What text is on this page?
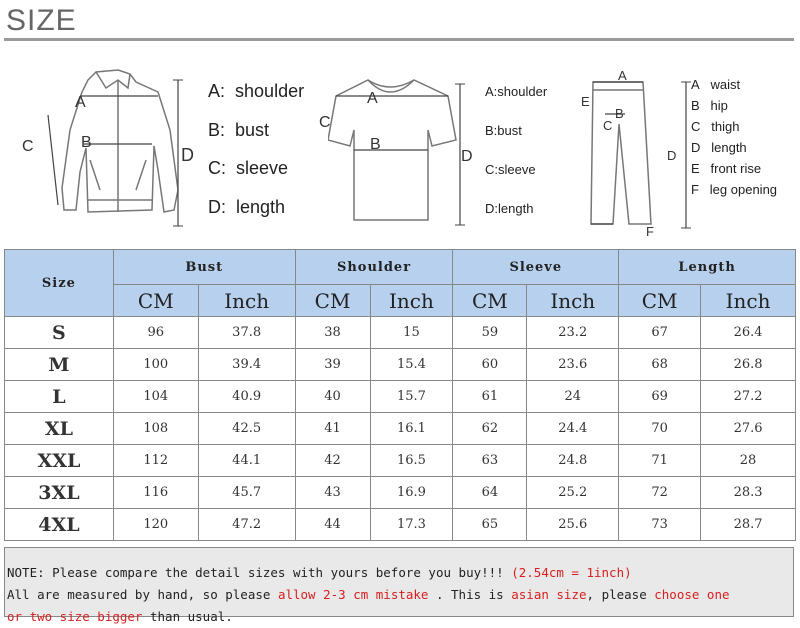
SIZE
A
B
C	D
A: shoulder
B: bust
C: sleeve
D: length
A
B
C
D
A:shoulder
B:bust
C:sleeve
D:length
A
B
C
E
F
D
A waist
B hip
C thigh
D length
E front rise
F leg opening
Size	Bust		Shoulder		Sleeve		Length	
	CM	Inch	CM	Inch	CM	Inch	CM	Inch
S	96	37.8	38	15	59	23.2	67	26.4
M	100	39.4	39	15.4	60	23.6	68	26.8
L	104	40.9	40	15.7	61	24	69	27.2
XL	108	42.5	41	16.1	62	24.4	70	27.6
XXL	112	44.1	42	16.5	63	24.8	71	28
3XL	116	45.7	43	16.9	64	25.2	72	28.3
4XL	120	47.2	44	17.3	65	25.6	73	28.7
NOTE: Please compare the detail sizes with yours before you buy!!! (2.54cm = 1inch)
All are measured by hand, so please allow 2-3 cm mistake . This is asian size, please choose one
or two size bigger than usual.
